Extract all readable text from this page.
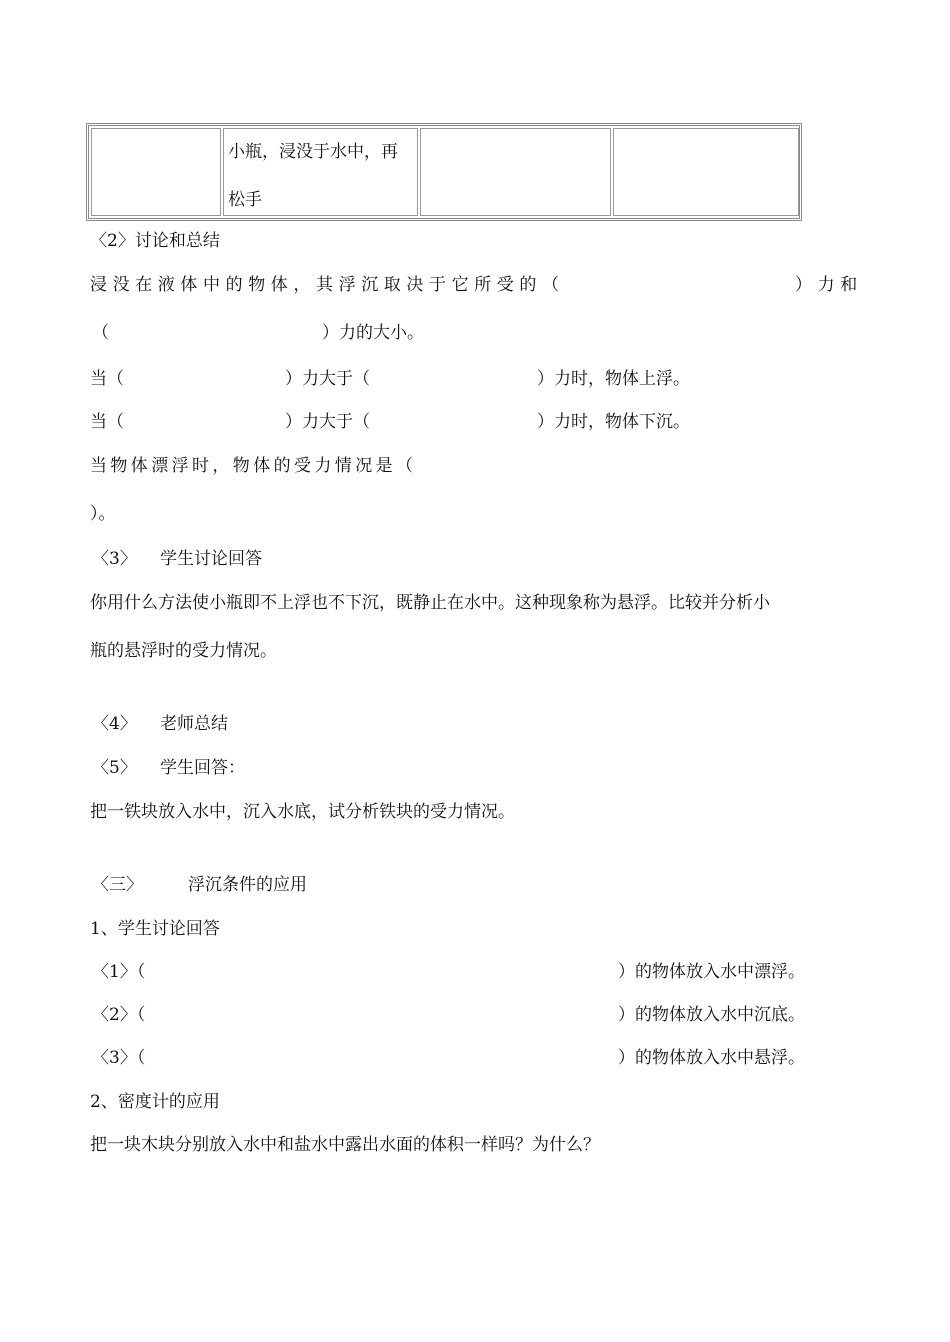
小瓶，浸没于水中，再
松手
〈2〉讨论和总结
浸没在液体中的物体，其浮沉取决于它所受的（	）力和
（	）力的大小。
当（	）力大于（	）力时，物体上浮。
当（	）力大于（	）力时，物体下沉。
当物体漂浮时，物体的受力情况是（
）。
〈3〉 学生讨论回答
你用什么方法使小瓶即不上浮也不下沉，既静止在水中。这种现象称为悬浮。比较并分析小
瓶的悬浮时的受力情况。
〈4〉 老师总结
〈5〉 学生回答：
把一铁块放入水中，沉入水底，试分析铁块的受力情况。
〈三〉	浮沉条件的应用
1、学生讨论回答
〈1〉（	）的物体放入水中漂浮。
〈2〉（	）的物体放入水中沉底。
〈3〉（	）的物体放入水中悬浮。
2、密度计的应用
把一块木块分别放入水中和盐水中露出水面的体积一样吗？为什么？
